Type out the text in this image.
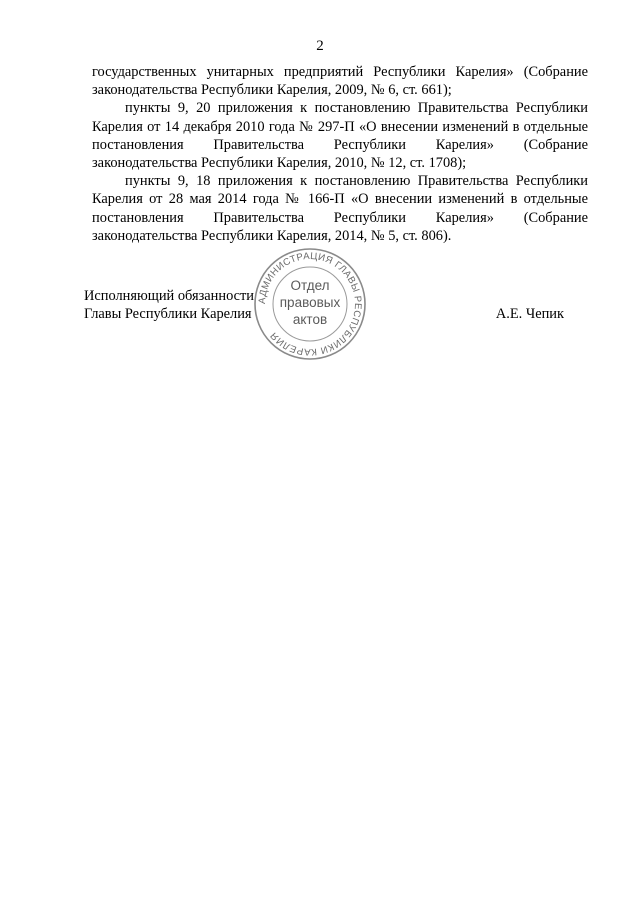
2

государственных унитарных предприятий Республики Карелия» (Собрание законодательства Республики Карелия, 2009, № 6, ст. 661);

пункты 9, 20 приложения к постановлению Правительства Республики Карелия от 14 декабря 2010 года № 297-П «О внесении изменений в отдельные постановления Правительства Республики Карелия» (Собрание законодательства Республики Карелия, 2010, № 12, ст. 1708);

пункты 9, 18 приложения к постановлению Правительства Республики Карелия от 28 мая 2014 года № 166-П «О внесении изменений в отдельные постановления Правительства Республики Карелия» (Собрание законодательства Республики Карелия, 2014, № 5, ст. 806).

Исполняющий обязанности
Главы Республики Карелия	А.Е. Чепик
АДМИНИСТРАЦИЯ ГЛАВЫ РЕСПУБЛИКИ КАРЕЛИЯ
Отдел
правовых
актов
